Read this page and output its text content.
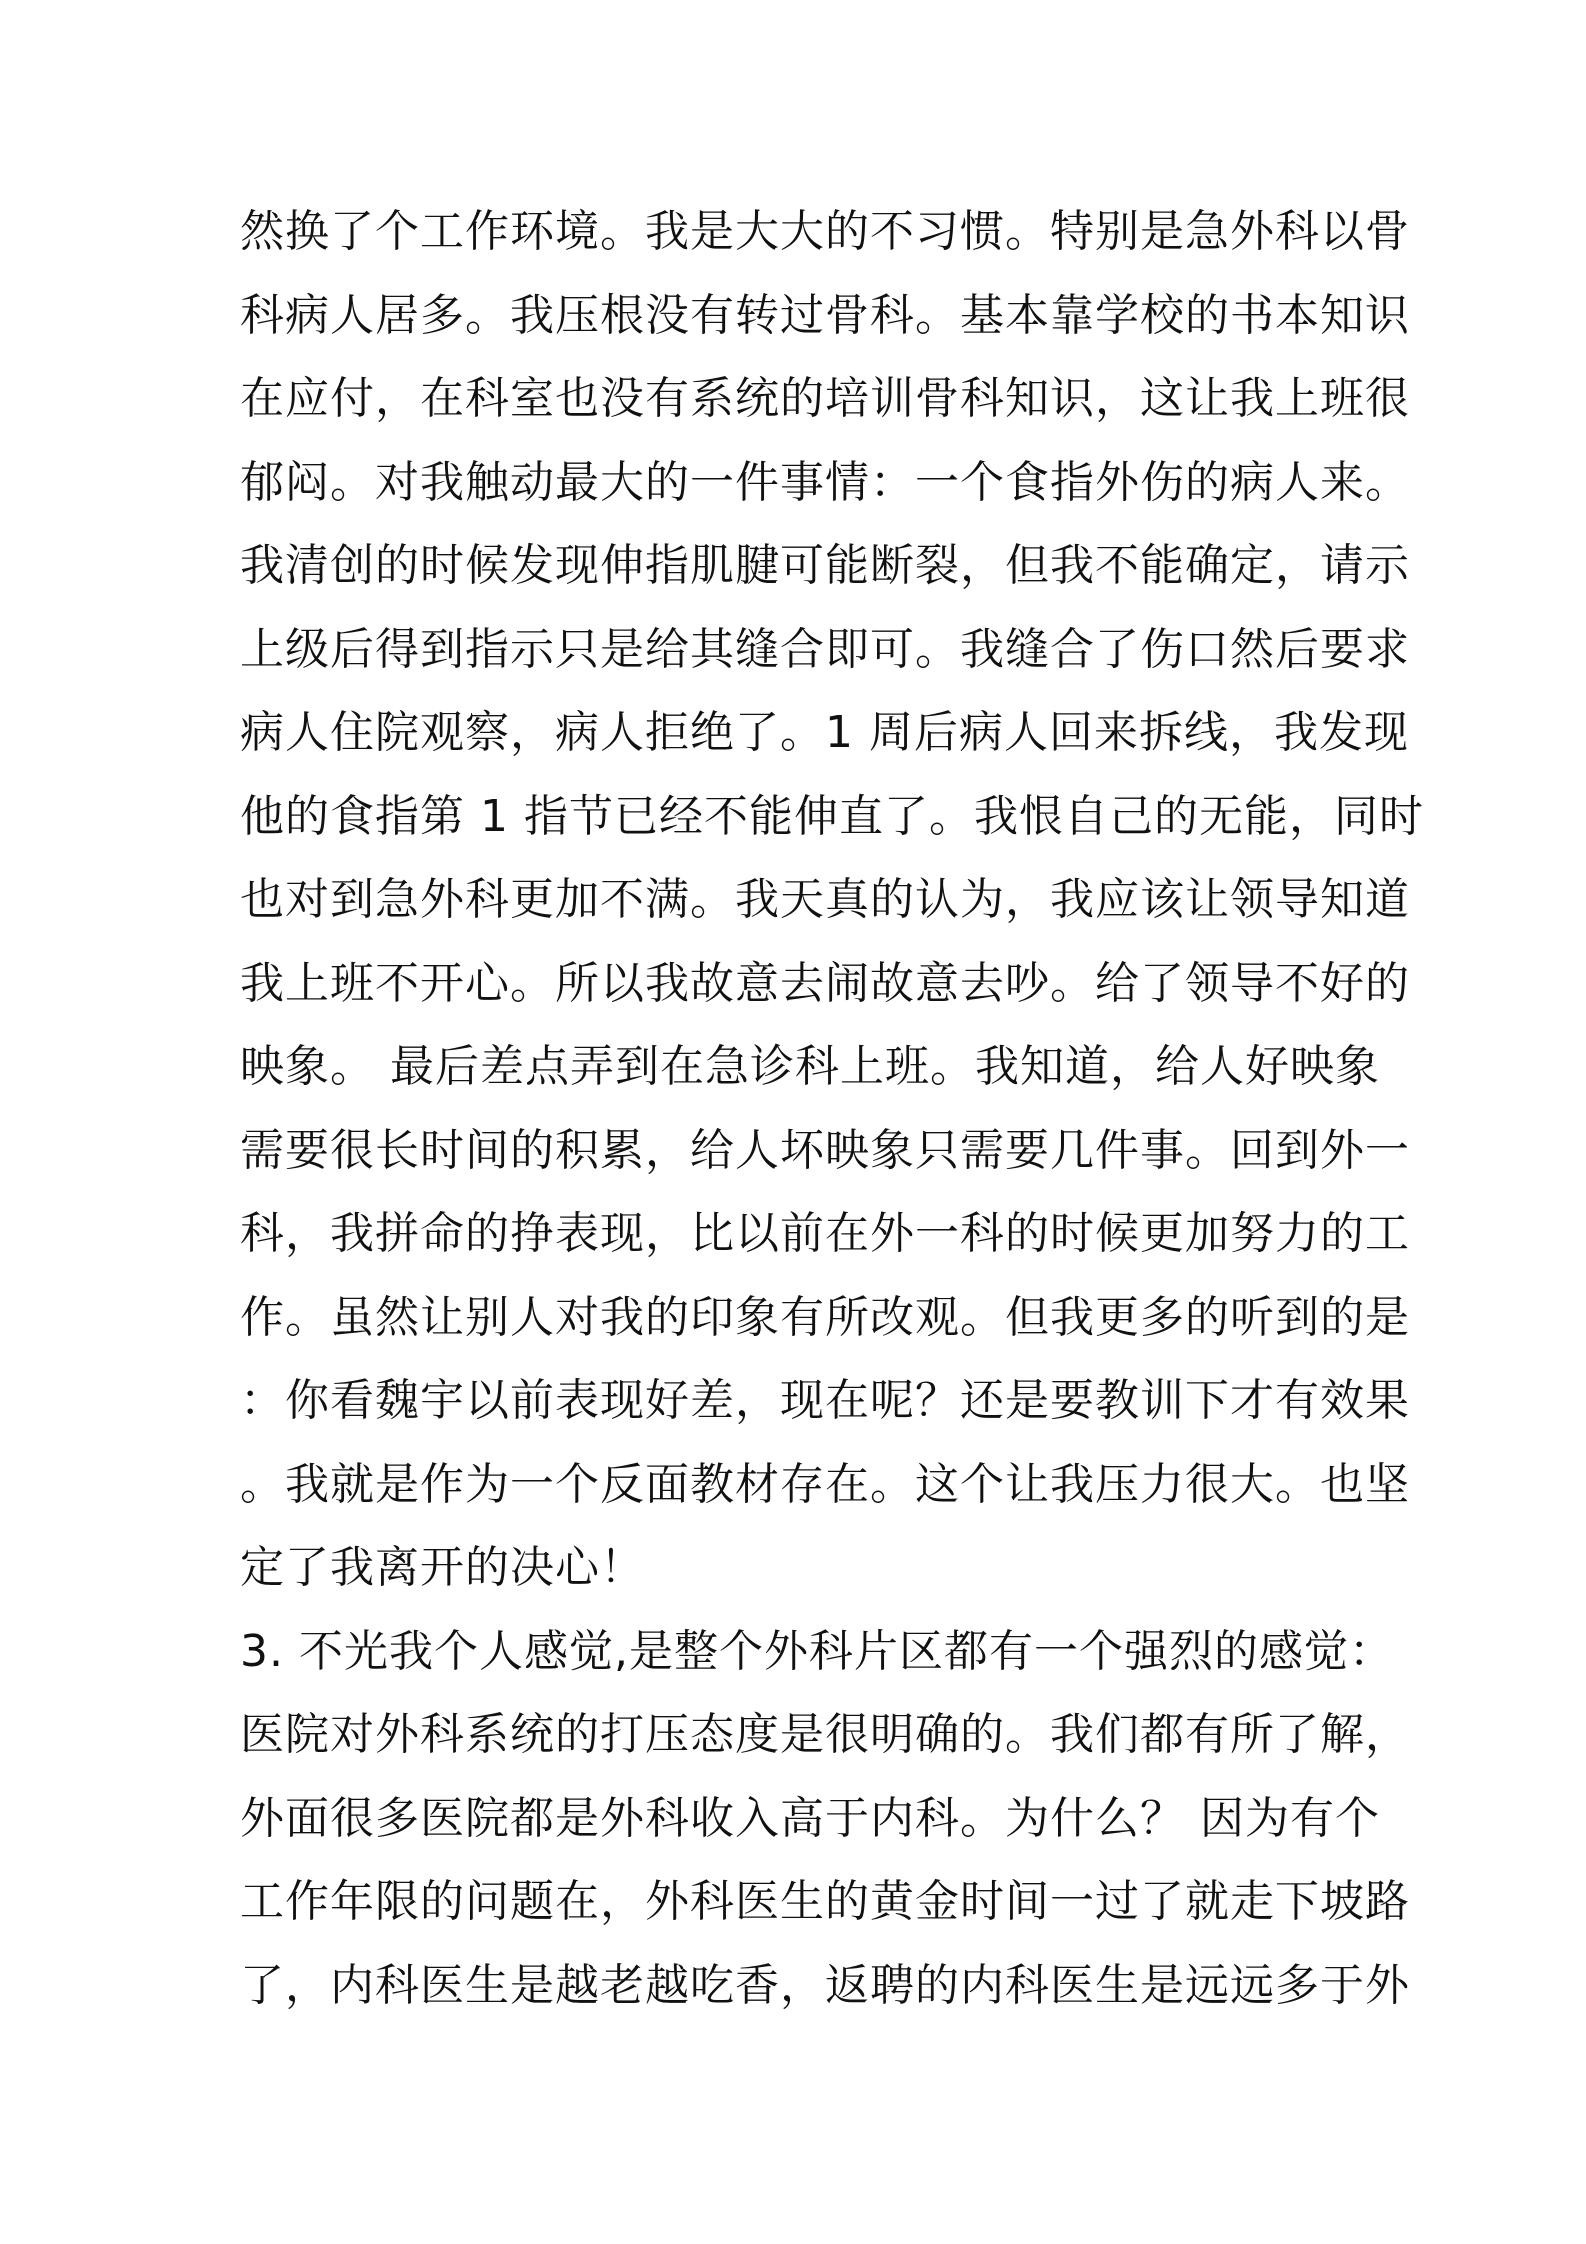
然换了个工作环境。我是大大的不习惯。特别是急外科以骨
科病人居多。我压根没有转过骨科。基本靠学校的书本知识
在应付，在科室也没有系统的培训骨科知识，这让我上班很
郁闷。对我触动最大的一件事情：一个食指外伤的病人来。
我清创的时候发现伸指肌腱可能断裂，但我不能确定，请示
上级后得到指示只是给其缝合即可。我缝合了伤口然后要求
病人住院观察，病人拒绝了。1 周后病人回来拆线，我发现
他的食指第 1 指节已经不能伸直了。我恨自己的无能，同时
也对到急外科更加不满。我天真的认为，我应该让领导知道
我上班不开心。所以我故意去闹故意去吵。给了领导不好的
映象。 最后差点弄到在急诊科上班。我知道，给人好映象
需要很长时间的积累，给人坏映象只需要几件事。回到外一
科，我拼命的挣表现，比以前在外一科的时候更加努力的工
作。虽然让别人对我的印象有所改观。但我更多的听到的是
：你看魏宇以前表现好差，现在呢？还是要教训下才有效果
。我就是作为一个反面教材存在。这个让我压力很大。也坚
定了我离开的决心！
3. 不光我个人感觉,是整个外科片区都有一个强烈的感觉：
医院对外科系统的打压态度是很明确的。我们都有所了解，
外面很多医院都是外科收入高于内科。为什么？ 因为有个
工作年限的问题在，外科医生的黄金时间一过了就走下坡路
了，内科医生是越老越吃香，返聘的内科医生是远远多于外
